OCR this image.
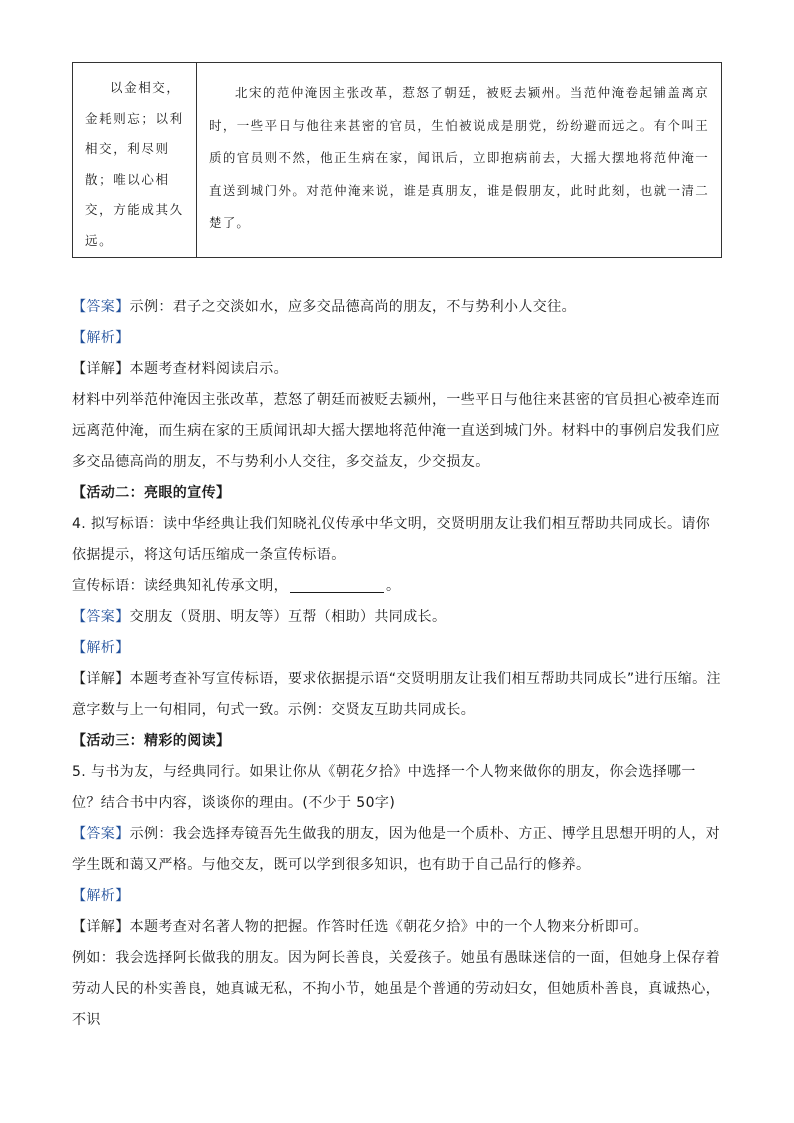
以金相交，金耗则忘；以利相交，利尽则散；唯以心相交，方能成其久远。
北宋的范仲淹因主张改革，惹怒了朝廷，被贬去颍州。当范仲淹卷起铺盖离京时，一些平日与他往来甚密的官员，生怕被说成是朋党，纷纷避而远之。有个叫王质的官员则不然，他正生病在家，闻讯后，立即抱病前去，大摇大摆地将范仲淹一直送到城门外。对范仲淹来说，谁是真朋友，谁是假朋友，此时此刻，也就一清二楚了。

【答案】示例：君子之交淡如水，应多交品德高尚的朋友，不与势利小人交往。

【解析】

【详解】本题考查材料阅读启示。

材料中列举范仲淹因主张改革，惹怒了朝廷而被贬去颍州，一些平日与他往来甚密的官员担心被牵连而远离范仲淹，而生病在家的王质闻讯却大摇大摆地将范仲淹一直送到城门外。材料中的事例启发我们应多交品德高尚的朋友，不与势利小人交往，多交益友，少交损友。

【活动二：亮眼的宣传】

4. 拟写标语：读中华经典让我们知晓礼仪传承中华文明，交贤明朋友让我们相互帮助共同成长。请你依据提示，将这句话压缩成一条宣传标语。

宣传标语：读经典知礼传承文明，	。

【答案】交朋友（贤朋、明友等）互帮（相助）共同成长。

【解析】

【详解】本题考查补写宣传标语，要求依据提示语“交贤明朋友让我们相互帮助共同成长”进行压缩。注意字数与上一句相同，句式一致。示例：交贤友互助共同成长。

【活动三：精彩的阅读】

5. 与书为友，与经典同行。如果让你从《朝花夕拾》中选择一个人物来做你的朋友，你会选择哪一位？结合书中内容，谈谈你的理由。(不少于 50字)

【答案】示例：我会选择寿镜吾先生做我的朋友，因为他是一个质朴、方正、博学且思想开明的人，对学生既和蔼又严格。与他交友，既可以学到很多知识，也有助于自己品行的修养。

【解析】

【详解】本题考查对名著人物的把握。作答时任选《朝花夕拾》中的一个人物来分析即可。

例如：我会选择阿长做我的朋友。因为阿长善良，关爱孩子。她虽有愚昧迷信的一面，但她身上保存着劳动人民的朴实善良，她真诚无私，不拘小节，她虽是个普通的劳动妇女，但她质朴善良，真诚热心，不识
